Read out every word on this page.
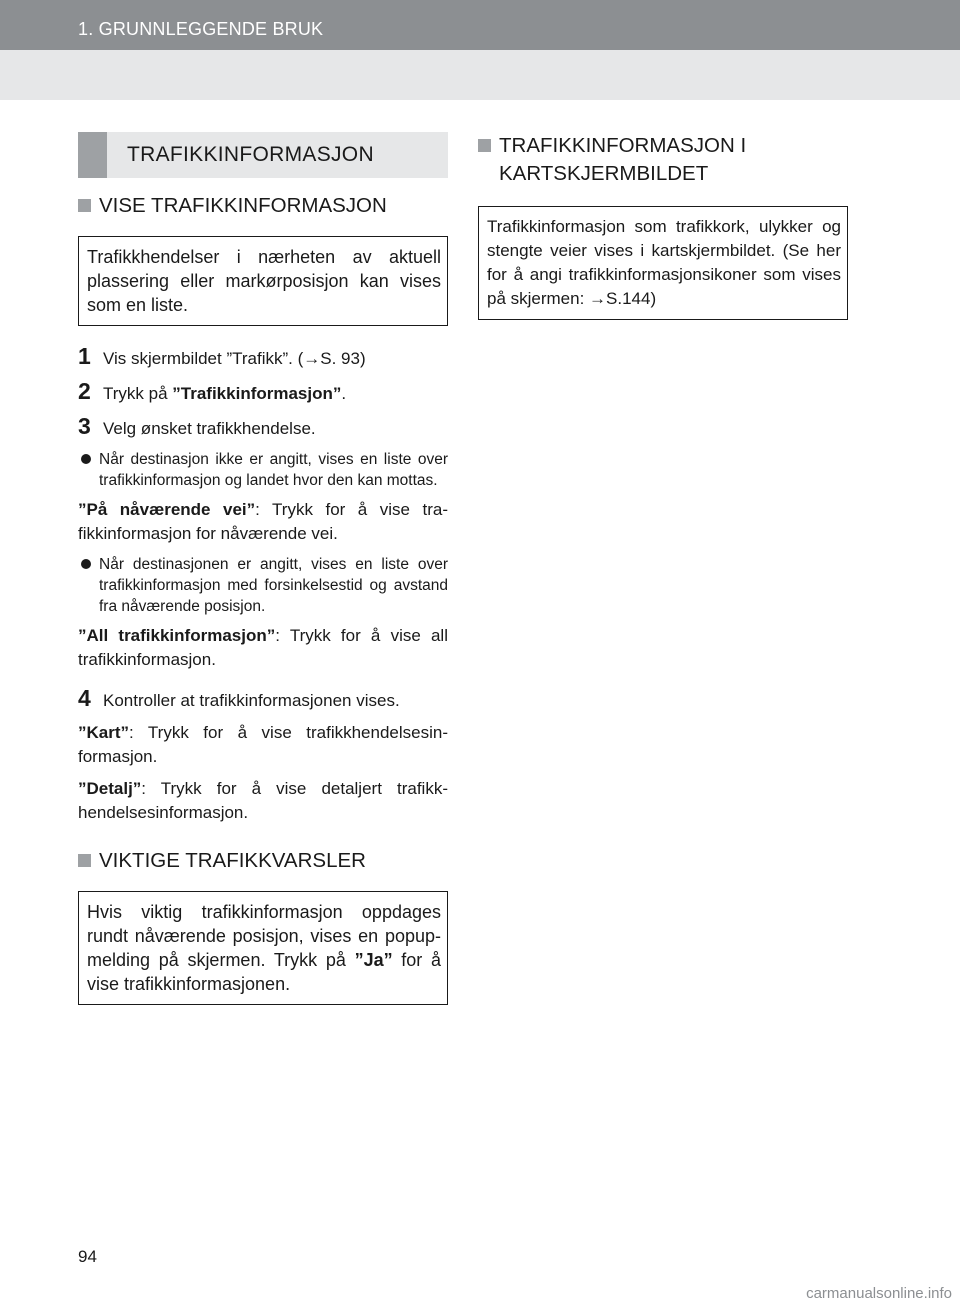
1. GRUNNLEGGENDE BRUK
TRAFIKKINFORMASJON
VISE TRAFIKKINFORMASJON
Trafikkhendelser i nærheten av aktuell plassering eller markørposisjon kan vises som en liste.
1 Vis skjermbildet ”Trafikk”. (→S. 93)
2 Trykk på ”Trafikkinformasjon”.
3 Velg ønsket trafikkhendelse.
Når destinasjon ikke er angitt, vises en liste over trafikkinformasjon og landet hvor den kan mottas.
”På nåværende vei”: Trykk for å vise trafikkinformasjon for nåværende vei.
Når destinasjonen er angitt, vises en liste over trafikkinformasjon med forsinkelsestid og avstand fra nåværende posisjon.
”All trafikkinformasjon”: Trykk for å vise all trafikkinformasjon.
4 Kontroller at trafikkinformasjonen vises.
”Kart”: Trykk for å vise trafikkhendelsesinformasjon.
”Detalj”: Trykk for å vise detaljert trafikkhendelsesinformasjon.
VIKTIGE TRAFIKKVARSLER
Hvis viktig trafikkinformasjon oppdages rundt nåværende posisjon, vises en popup-melding på skjermen. Trykk på ”Ja” for å vise trafikkinformasjonen.
TRAFIKKINFORMASJON I KARTSKJERMBILDET
Trafikkinformasjon som trafikkork, ulykker og stengte veier vises i kartskjermbildet. (Se her for å angi trafikkinformasjonsikoner som vises på skjermen: →S.144)
94
carmanualsonline.info
